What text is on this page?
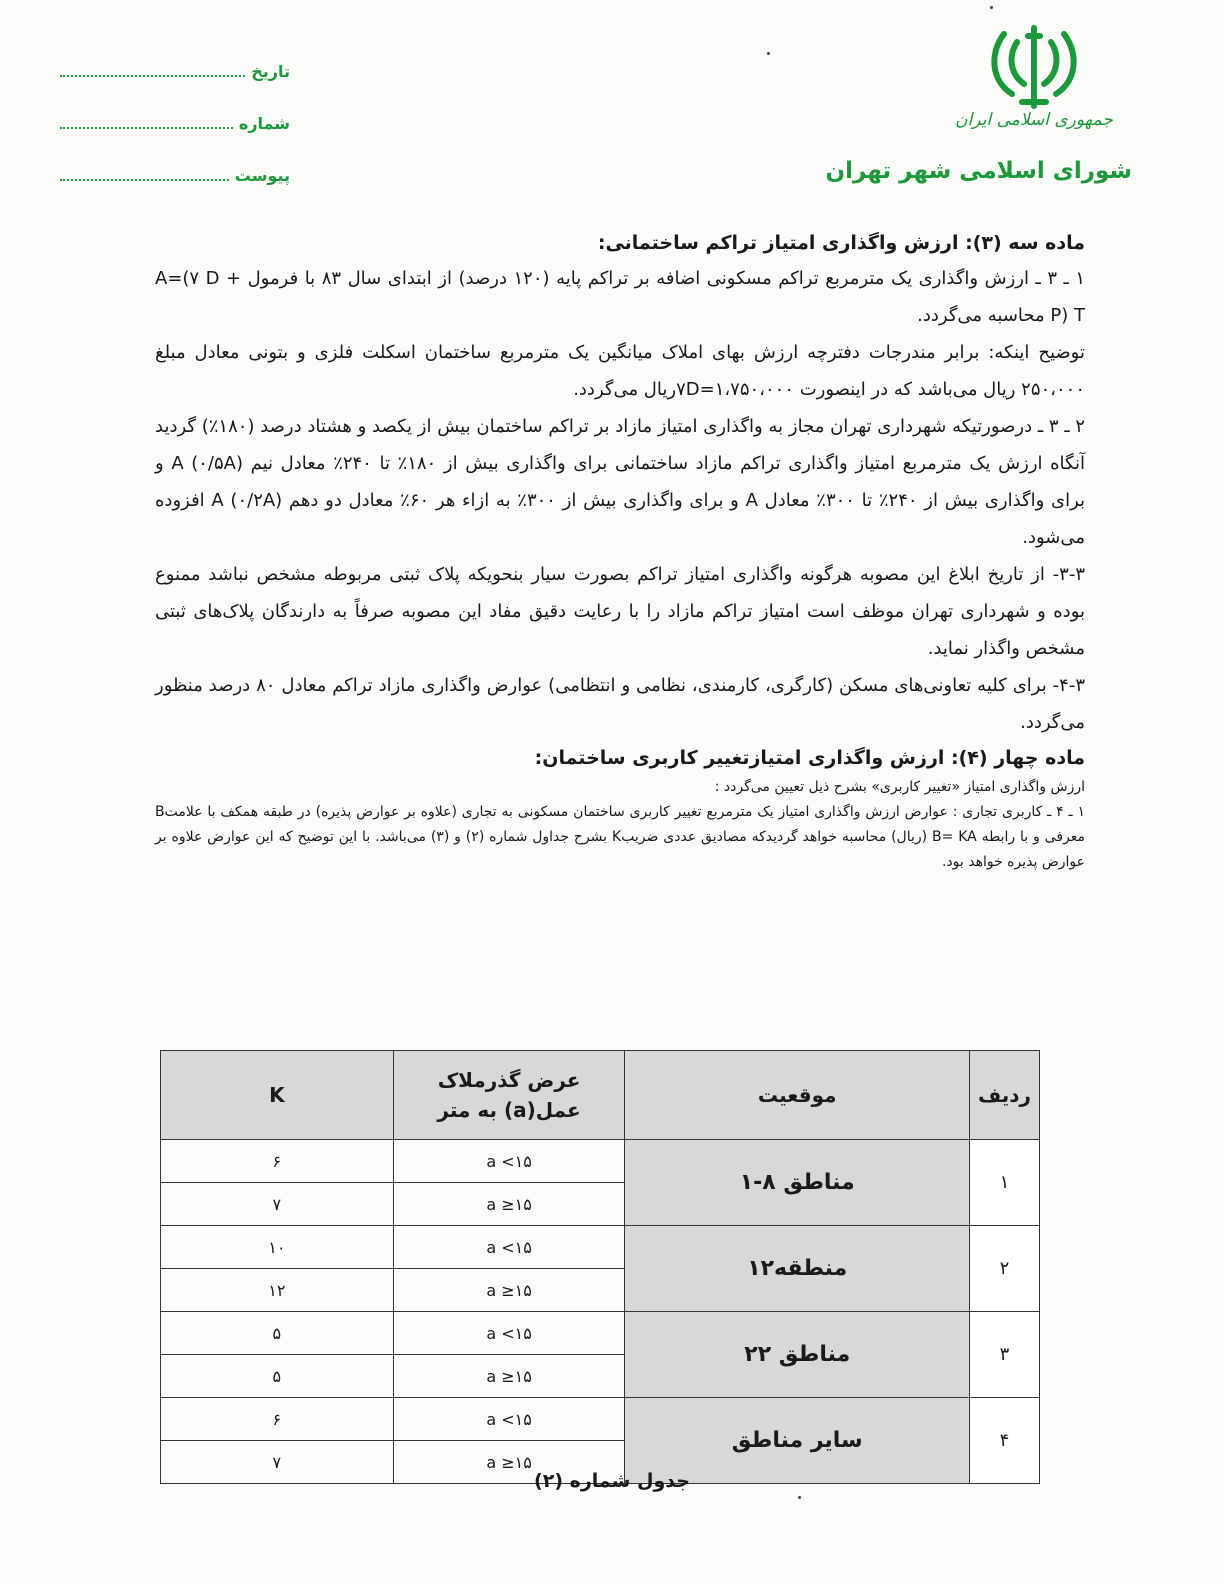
تاریخ
شماره
پیوست
جمهوری اسلامی ایران
شورای اسلامی شهر تهران

ماده سه (۳): ارزش واگذاری امتیاز تراکم ساختمانی:

۱ ـ ۳ ـ ارزش واگذاری یک مترمربع تراکم مسکونی اضافه بر تراکم پایه (۱۲۰ درصد) از ابتدای سال ۸۳ با فرمول A=(۷ D + P) T محاسبه می‌گردد.

توضیح اینکه: برابر مندرجات دفترچه ارزش بهای املاک میانگین یک مترمربع ساختمان اسکلت فلزی و بتونی معادل مبلغ ۲۵۰،۰۰۰ ریال می‌باشد که در اینصورت ۷D=۱،۷۵۰،۰۰۰ریال می‌گردد.

۲ ـ ۳ ـ درصورتیکه شهرداری تهران مجاز به واگذاری امتیاز مازاد بر تراکم ساختمان بیش از یکصد و هشتاد درصد (۱۸۰٪) گردید آنگاه ارزش یک مترمربع امتیاز واگذاری تراکم مازاد ساختمانی برای واگذاری بیش از ۱۸۰٪ تا ۲۴۰٪ معادل نیم A (۰/۵A) و برای واگذاری بیش از ۲۴۰٪ تا ۳۰۰٪ معادل A و برای واگذاری بیش از ۳۰۰٪ به ازاء هر ۶۰٪ معادل دو دهم A (۰/۲A) افزوده می‌شود.

۳-۳- از تاریخ ابلاغ این مصوبه هرگونه واگذاری امتیاز تراکم بصورت سیار بنحویکه پلاک ثبتی مربوطه مشخص نباشد ممنوع بوده و شهرداری تهران موظف است امتیاز تراکم مازاد را با رعایت دقیق مفاد این مصوبه صرفاً به دارندگان پلاک‌های ثبتی مشخص واگذار نماید.

۴-۳- برای کلیه تعاونی‌های مسکن (کارگری، کارمندی، نظامی و انتظامی) عوارض واگذاری مازاد تراکم معادل ۸۰ درصد منظور می‌گردد.

ماده چهار (۴): ارزش واگذاری امتیازتغییر کاربری ساختمان:

ارزش واگذاری امتیاز «تغییر کاربری» بشرح ذیل تعیین می‌گردد :

۱ ـ ۴ ـ کاربری تجاری : عوارض ارزش واگذاری امتیاز یک مترمربع تغییر کاربری ساختمان مسکونی به تجاری (علاوه بر عوارض پذیره) در طبقه همکف با علامتB معرفی و با رابطه B= KA (ریال) محاسبه خواهد گردیدکه مصادیق عددی ضریبK بشرح جداول شماره (۲) و (۳) می‌باشد. با این توضیح که این عوارض علاوه بر عوارض پذیره خواهد بود.

ردیف	موقعیت	عرض گذرملاک
عمل(a) به متر	K
۱	مناطق ۸-۱	a <۱۵	۶
		a ≥۱۵	۷
۲	منطقه۱۲	a <۱۵	۱۰
		a ≥۱۵	۱۲
۳	مناطق ۲۲	a <۱۵	۵
		a ≥۱۵	۵
۴	سایر مناطق	a <۱۵	۶
		a ≥۱۵	۷
جدول شماره (۲)
